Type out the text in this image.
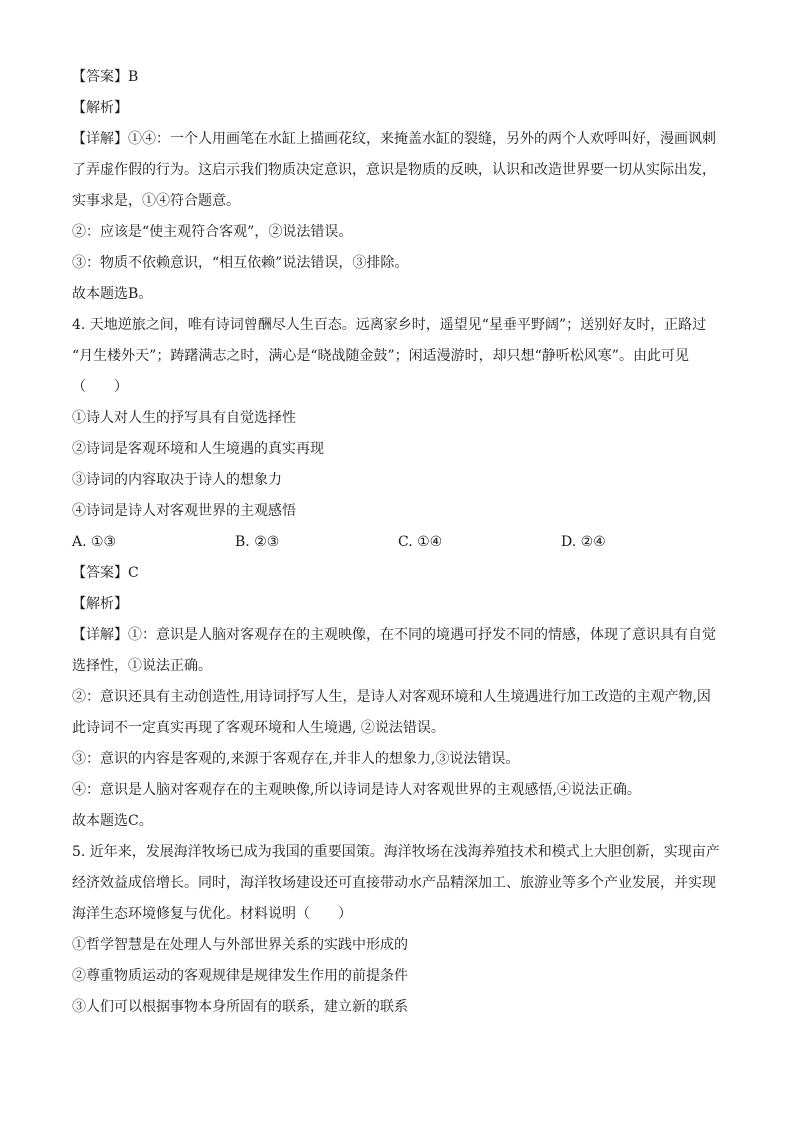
【答案】B
【解析】
【详解】①④：一个人用画笔在水缸上描画花纹，来掩盖水缸的裂缝，另外的两个人欢呼叫好，漫画讽刺
了弄虚作假的行为。这启示我们物质决定意识，意识是物质的反映，认识和改造世界要一切从实际出发，
实事求是，①④符合题意。
②：应该是“使主观符合客观”，②说法错误。
③：物质不依赖意识，“相互依赖”说法错误，③排除。
故本题选B。
4. 天地逆旅之间，唯有诗词曾酬尽人生百态。远离家乡时，遥望见“星垂平野阔”；送别好友时，正路过
“月生楼外天”；踌躇满志之时，满心是“晓战随金鼓”；闲适漫游时，却只想“静听松风寒”。由此可见
（　　）
①诗人对人生的抒写具有自觉选择性
②诗词是客观环境和人生境遇的真实再现
③诗词的内容取决于诗人的想象力
④诗词是诗人对客观世界的主观感悟
A. ①③	B. ②③	C. ①④	D. ②④
【答案】C
【解析】
【详解】①：意识是人脑对客观存在的主观映像，在不同的境遇可抒发不同的情感，体现了意识具有自觉
选择性，①说法正确。
②：意识还具有主动创造性,用诗词抒写人生，是诗人对客观环境和人生境遇进行加工改造的主观产物,因
此诗词不一定真实再现了客观环境和人生境遇, ②说法错误。
③：意识的内容是客观的,来源于客观存在,并非人的想象力,③说法错误。
④：意识是人脑对客观存在的主观映像,所以诗词是诗人对客观世界的主观感悟,④说法正确。
故本题选C。
5. 近年来，发展海洋牧场已成为我国的重要国策。海洋牧场在浅海养殖技术和模式上大胆创新，实现亩产
经济效益成倍增长。同时，海洋牧场建设还可直接带动水产品精深加工、旅游业等多个产业发展，并实现
海洋生态环境修复与优化。材料说明（　　）
①哲学智慧是在处理人与外部世界关系的实践中形成的
②尊重物质运动的客观规律是规律发生作用的前提条件
③人们可以根据事物本身所固有的联系，建立新的联系
